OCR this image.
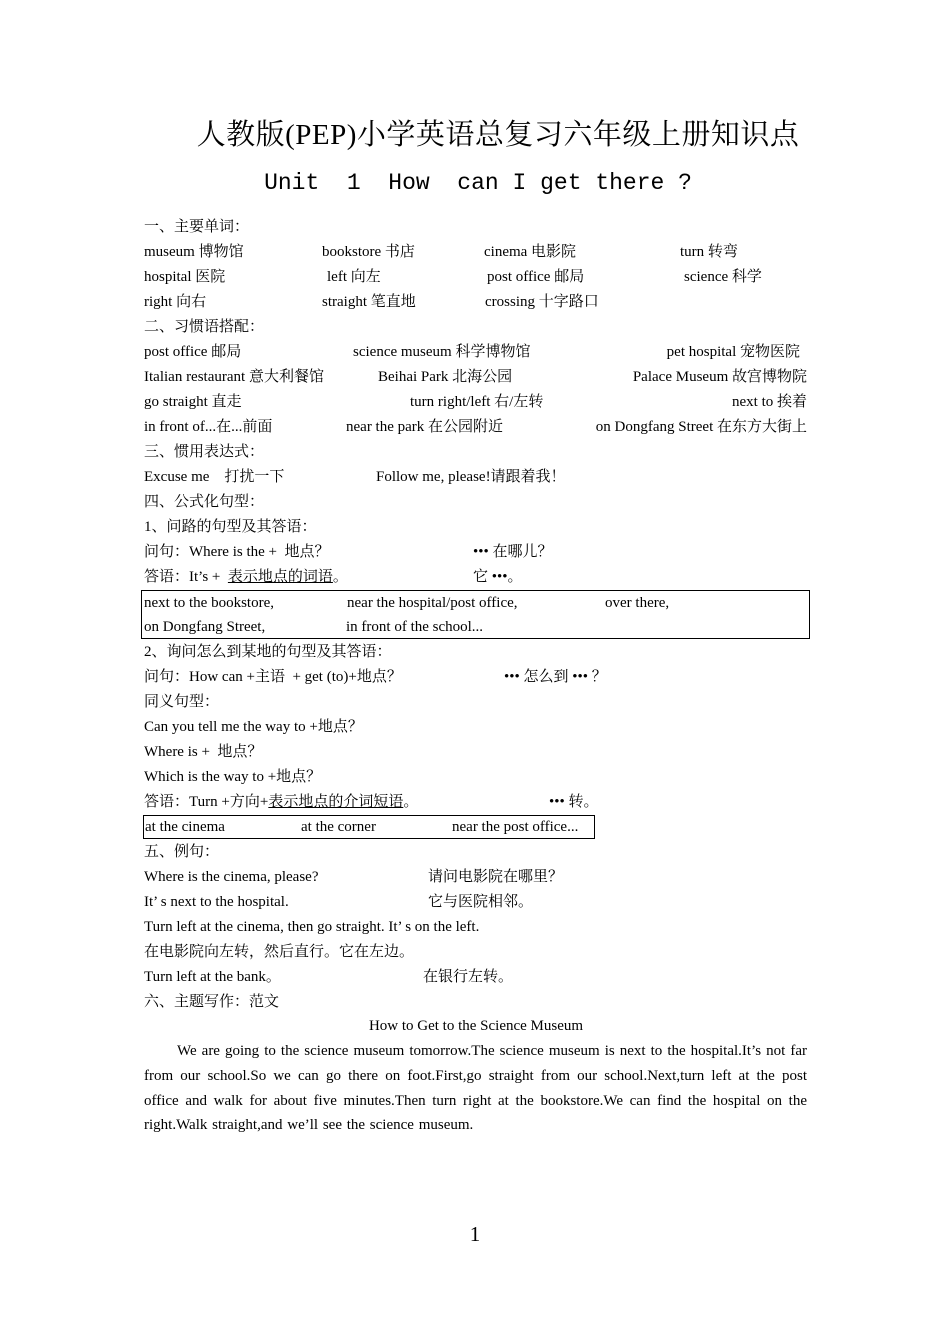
人教版(PEP)小学英语总复习六年级上册知识点
Unit  1  How  can I get there ?
一、主要单词：
museum 博物馆	bookstore 书店	cinema 电影院	turn 转弯
hospital 医院	left 向左	post office 邮局	science 科学
right 向右	straight 笔直地	crossing 十字路口
二、习惯语搭配：
post office 邮局	science museum 科学博物馆	pet hospital 宠物医院
Italian restaurant 意大利餐馆	Beihai Park 北海公园	Palace Museum 故宫博物院
go straight 直走	turn right/left 右/左转	next to 挨着
in front of...在...前面	near the park 在公园附近	on Dongfang Street 在东方大街上
三、惯用表达式：
Excuse me    打扰一下	Follow me, please!请跟着我！
四、公式化句型：
1、问路的句型及其答语：
问句：Where is the +  地点？	••• 在哪儿？
答语：It’s +  表示地点的词语。	它 •••。
next to the bookstore,	near the hospital/post office,	over there,
on Dongfang Street,	in front of the school...
2、询问怎么到某地的句型及其答语：
问句：How can +主语  + get (to)+地点？	••• 怎么到 ••• ？
同义句型：
Can you tell me the way to +地点？
Where is +  地点？
Which is the way to +地点？
答语：Turn +方向+表示地点的介词短语。	••• 转。
at the cinema	at the corner	near the post office...
五、例句：
Where is the cinema, please?	请问电影院在哪里？
It’ s next to the hospital.	它与医院相邻。
Turn left at the cinema, then go straight. It’ s on the left.
在电影院向左转，然后直行。它在左边。
Turn left at the bank。	在银行左转。
六、主题写作：范文
How to Get to the Science Museum
We are going to the science museum tomorrow.The science museum is next to the hospital.It’s not far from our school.So we can go there on foot.First,go straight from our school.Next,turn left at the post office and walk for about five minutes.Then turn right at the bookstore.We can find the hospital on the right.Walk straight,and we’ll see the science museum.
1
